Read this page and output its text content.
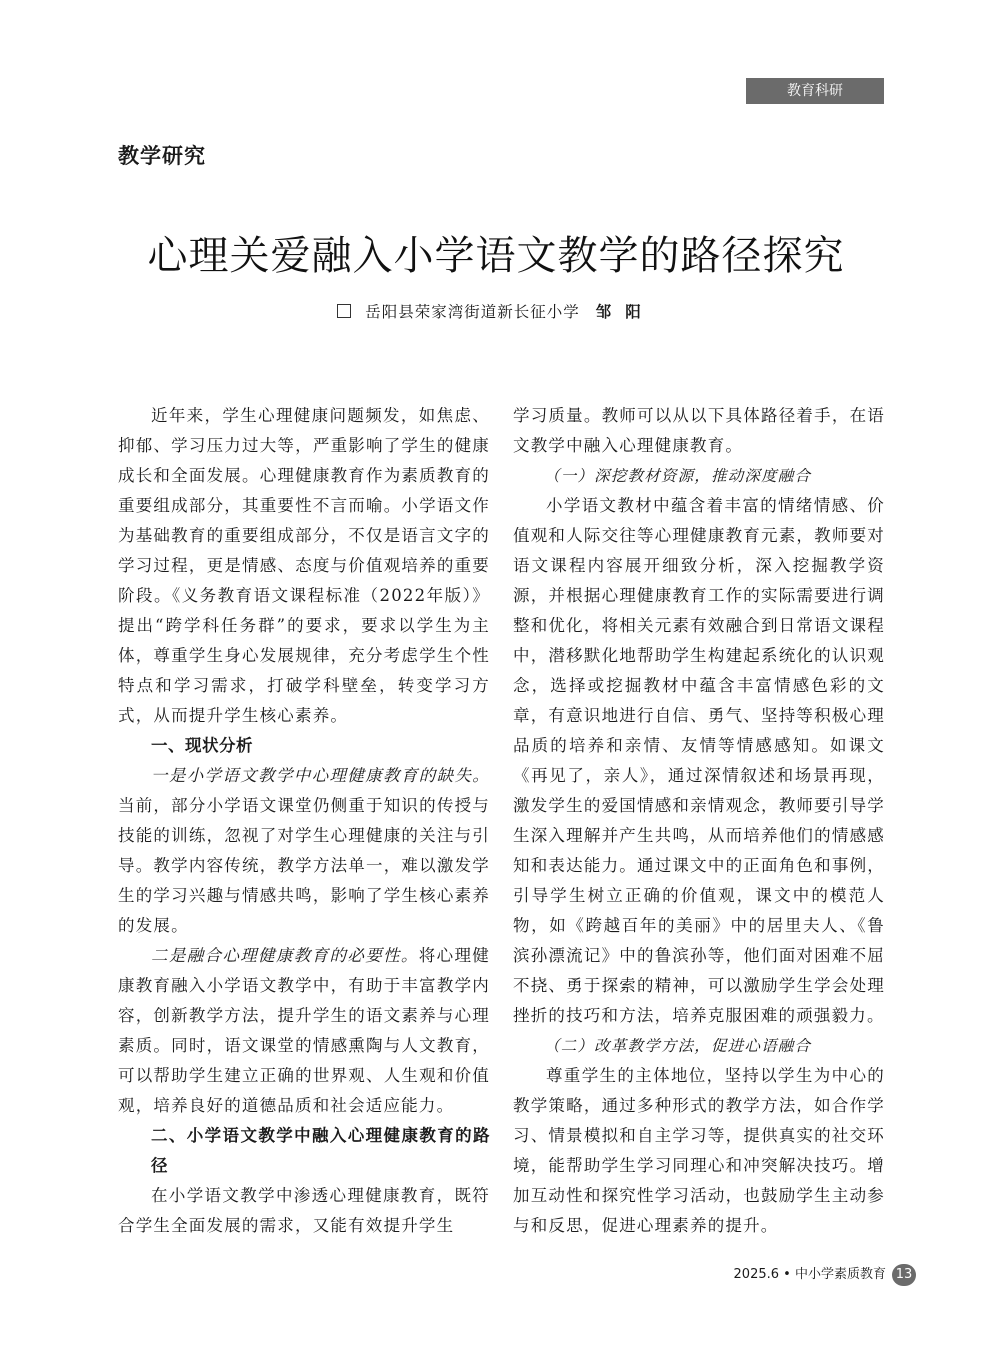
教育科研
教学研究
心理关爱融入小学语文教学的路径探究
岳阳县荣家湾街道新长征小学 邹阳

近年来，学生心理健康问题频发，如焦虑、抑郁、学习压力过大等，严重影响了学生的健康成长和全面发展。心理健康教育作为素质教育的重要组成部分，其重要性不言而喻。小学语文作为基础教育的重要组成部分，不仅是语言文字的学习过程，更是情感、态度与价值观培养的重要阶段。《义务教育语文课程标准（2022年版）》提出“跨学科任务群”的要求，要求以学生为主体，尊重学生身心发展规律，充分考虑学生个性特点和学习需求，打破学科壁垒，转变学习方式，从而提升学生核心素养。

一、现状分析

一是小学语文教学中心理健康教育的缺失。当前，部分小学语文课堂仍侧重于知识的传授与技能的训练，忽视了对学生心理健康的关注与引导。教学内容传统，教学方法单一，难以激发学生的学习兴趣与情感共鸣，影响了学生核心素养的发展。

二是融合心理健康教育的必要性。将心理健康教育融入小学语文教学中，有助于丰富教学内容，创新教学方法，提升学生的语文素养与心理素质。同时，语文课堂的情感熏陶与人文教育，可以帮助学生建立正确的世界观、人生观和价值观，培养良好的道德品质和社会适应能力。

二、小学语文教学中融入心理健康教育的路径

在小学语文教学中渗透心理健康教育，既符合学生全面发展的需求，又能有效提升学生

学习质量。教师可以从以下具体路径着手，在语文教学中融入心理健康教育。

（一）深挖教材资源，推动深度融合

小学语文教材中蕴含着丰富的情绪情感、价值观和人际交往等心理健康教育元素，教师要对语文课程内容展开细致分析，深入挖掘教学资源，并根据心理健康教育工作的实际需要进行调整和优化，将相关元素有效融合到日常语文课程中，潜移默化地帮助学生构建起系统化的认识观念，选择或挖掘教材中蕴含丰富情感色彩的文章，有意识地进行自信、勇气、坚持等积极心理品质的培养和亲情、友情等情感感知。如课文《再见了，亲人》，通过深情叙述和场景再现，激发学生的爱国情感和亲情观念，教师要引导学生深入理解并产生共鸣，从而培养他们的情感感知和表达能力。通过课文中的正面角色和事例，引导学生树立正确的价值观，课文中的模范人物，如《跨越百年的美丽》中的居里夫人、《鲁滨孙漂流记》中的鲁滨孙等，他们面对困难不屈不挠、勇于探索的精神，可以激励学生学会处理挫折的技巧和方法，培养克服困难的顽强毅力。

（二）改革教学方法，促进心语融合

尊重学生的主体地位，坚持以学生为中心的教学策略，通过多种形式的教学方法，如合作学习、情景模拟和自主学习等，提供真实的社交环境，能帮助学生学习同理心和冲突解决技巧。增加互动性和探究性学习活动，也鼓励学生主动参与和反思，促进心理素养的提升。

2025.6
•
中小学素质教育 13
